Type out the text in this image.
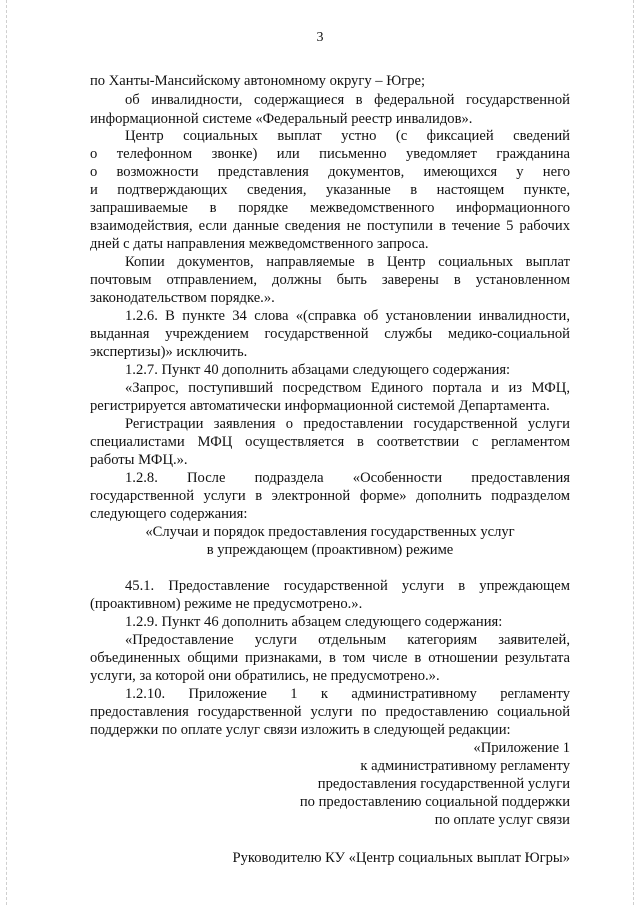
3
по Ханты-Мансийскому автономному округу – Югре;
об инвалидности, содержащиеся в федеральной государственной
информационной системе «Федеральный реестр инвалидов».
Центр социальных выплат устно (с фиксацией сведений
о телефонном звонке) или письменно уведомляет гражданина
о возможности представления документов, имеющихся у него
и подтверждающих сведения, указанные в настоящем пункте,
запрашиваемые в порядке межведомственного информационного
взаимодействия, если данные сведения не поступили в течение 5 рабочих
дней с даты направления межведомственного запроса.
Копии документов, направляемые в Центр социальных выплат
почтовым отправлением, должны быть заверены в установленном
законодательством порядке.».
1.2.6. В пункте 34 слова «(справка об установлении инвалидности,
выданная учреждением государственной службы медико-социальной
экспертизы)» исключить.
1.2.7. Пункт 40 дополнить абзацами следующего содержания:
«Запрос, поступивший посредством Единого портала и из МФЦ,
регистрируется автоматически информационной системой Департамента.
Регистрации заявления о предоставлении государственной услуги
специалистами МФЦ осуществляется в соответствии с регламентом
работы МФЦ.».
1.2.8. После подраздела «Особенности предоставления
государственной услуги в электронной форме» дополнить подразделом
следующего содержания:
«Случаи и порядок предоставления государственных услуг
в упреждающем (проактивном) режиме
45.1. Предоставление государственной услуги в упреждающем
(проактивном) режиме не предусмотрено.».
1.2.9. Пункт 46 дополнить абзацем следующего содержания:
«Предоставление услуги отдельным категориям заявителей,
объединенных общими признаками, в том числе в отношении результата
услуги, за которой они обратились, не предусмотрено.».
1.2.10. Приложение 1 к административному регламенту
предоставления государственной услуги по предоставлению социальной
поддержки по оплате услуг связи изложить в следующей редакции:
«Приложение 1
к административному регламенту
предоставления государственной услуги
по предоставлению социальной поддержки
по оплате услуг связи
Руководителю КУ «Центр социальных выплат Югры»
